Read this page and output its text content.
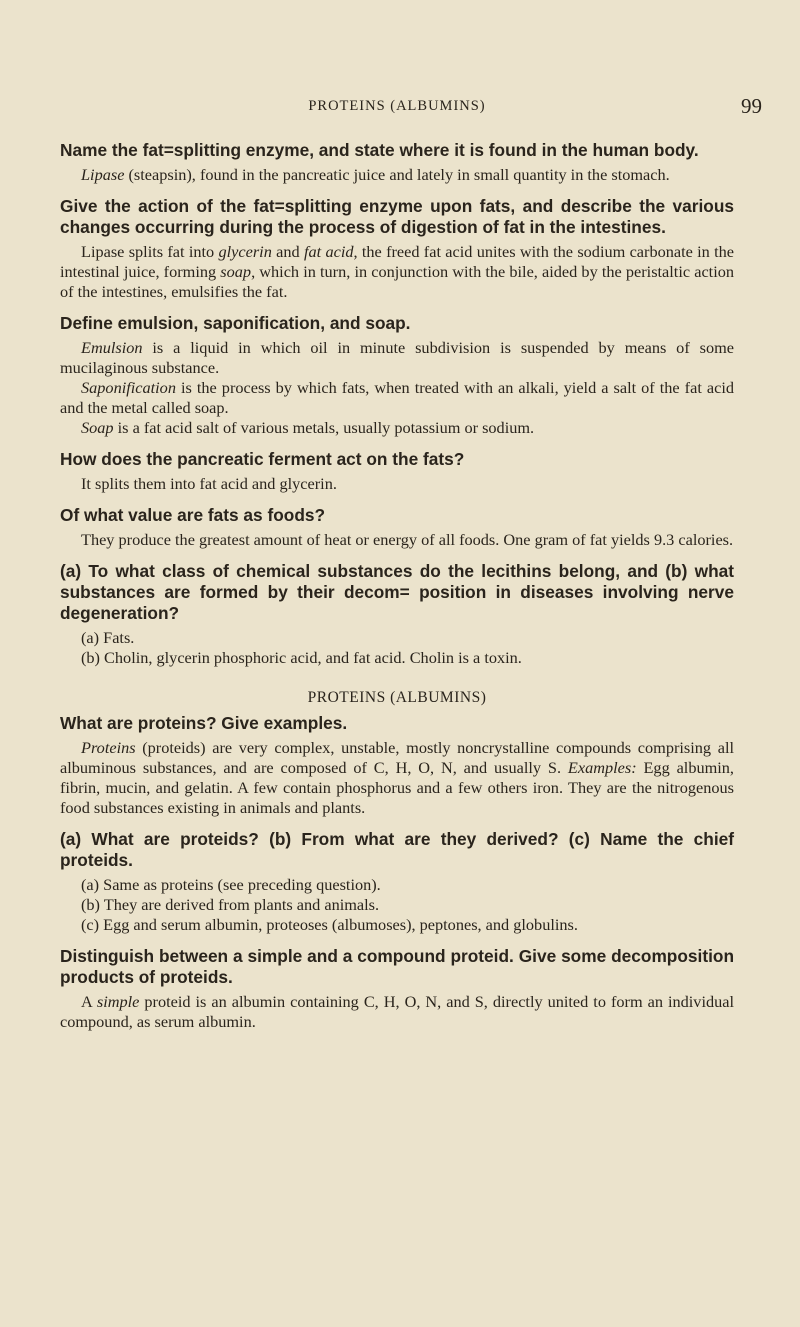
PROTEINS (ALBUMINS)	99

Name the fat=splitting enzyme, and state where it is found in the human body.

Lipase (steapsin), found in the pancreatic juice and lately in small quantity in the stomach.

Give the action of the fat=splitting enzyme upon fats, and describe the various changes occurring during the process of digestion of fat in the intestines.

Lipase splits fat into glycerin and fat acid, the freed fat acid unites with the sodium carbonate in the intestinal juice, forming soap, which in turn, in conjunction with the bile, aided by the peristaltic action of the intestines, emulsifies the fat.

Define emulsion, saponification, and soap.

Emulsion is a liquid in which oil in minute subdivision is suspended by means of some mucilaginous substance.

Saponification is the process by which fats, when treated with an alkali, yield a salt of the fat acid and the metal called soap.

Soap is a fat acid salt of various metals, usually potassium or sodium.

How does the pancreatic ferment act on the fats?

It splits them into fat acid and glycerin.

Of what value are fats as foods?

They produce the greatest amount of heat or energy of all foods. One gram of fat yields 9.3 calories.

(a) To what class of chemical substances do the lecithins belong, and (b) what substances are formed by their decom= position in diseases involving nerve degeneration?

(a) Fats.

(b) Cholin, glycerin phosphoric acid, and fat acid. Cholin is a toxin.

PROTEINS (ALBUMINS)

What are proteins? Give examples.

Proteins (proteids) are very complex, unstable, mostly noncrystalline compounds comprising all albuminous substances, and are composed of C, H, O, N, and usually S. Examples: Egg albumin, fibrin, mucin, and gelatin. A few contain phosphorus and a few others iron. They are the nitrogenous food substances existing in animals and plants.

(a) What are proteids? (b) From what are they derived? (c) Name the chief proteids.

(a) Same as proteins (see preceding question).

(b) They are derived from plants and animals.

(c) Egg and serum albumin, proteoses (albumoses), peptones, and globulins.

Distinguish between a simple and a compound proteid. Give some decomposition products of proteids.

A simple proteid is an albumin containing C, H, O, N, and S, directly united to form an individual compound, as serum albumin.
